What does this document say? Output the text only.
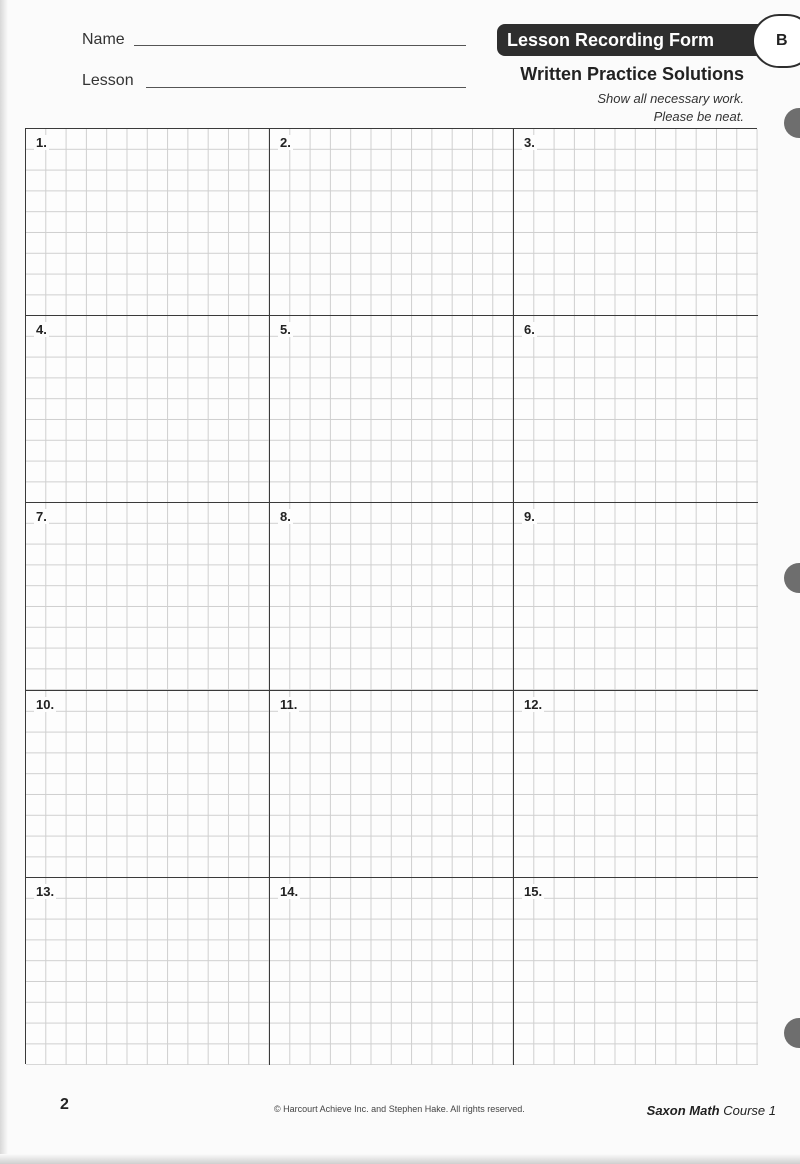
Name
Lesson
Lesson Recording Form	B
Written Practice Solutions
Show all necessary work.
Please be neat.
1.	2.	3.
4.	5.	6.
7.	8.	9.
10.	11.	12.
13.	14.	15.
2	© Harcourt Achieve Inc. and Stephen Hake. All rights reserved.	Saxon Math Course 1
